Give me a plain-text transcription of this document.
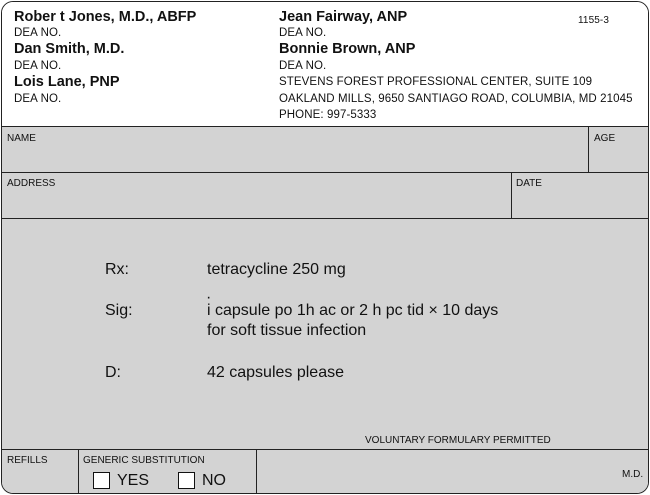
Rober t Jones, M.D., ABFP
DEA NO.
Dan Smith, M.D.
DEA NO.
Lois Lane, PNP
DEA NO.
Jean Fairway, ANP
DEA NO.
Bonnie Brown, ANP
DEA NO.
STEVENS FOREST PROFESSIONAL CENTER, SUITE 109
OAKLAND MILLS, 9650 SANTIAGO ROAD, COLUMBIA, MD 21045
PHONE: 997-5333
1155-3
NAME	AGE
ADDRESS	DATE
Rx:	tetracycline 250 mg
Sig:
·
i capsule po 1h ac or 2 h pc tid × 10 days
for soft tissue infection
D:	42 capsules please
VOLUNTARY FORMULARY PERMITTED
REFILLS	GENERIC SUBSTITUTION
YES	NO	M.D.
